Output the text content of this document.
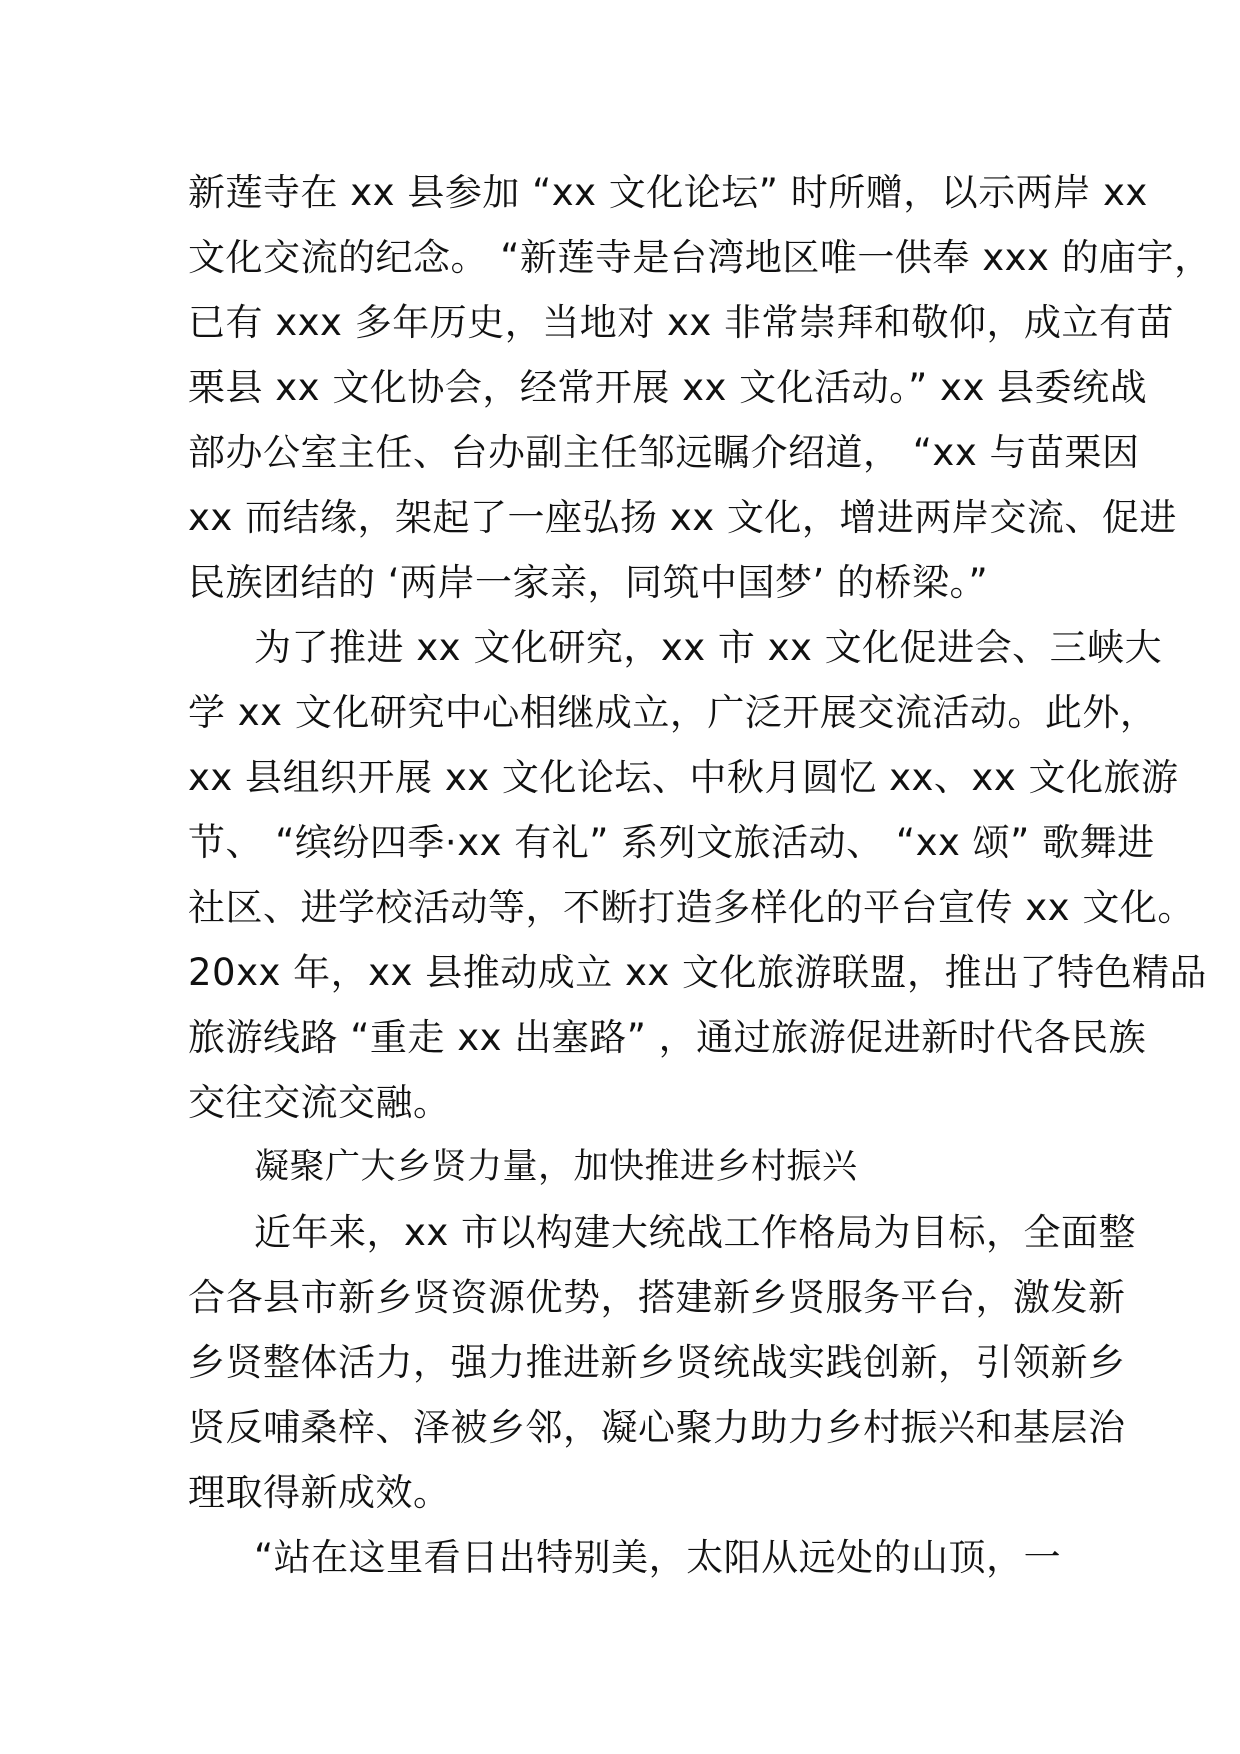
新莲寺在 xx 县参加 “xx 文化论坛” 时所赠，以示两岸 xx
文化交流的纪念。 “新莲寺是台湾地区唯一供奉 xxx 的庙宇，
已有 xxx 多年历史，当地对 xx 非常崇拜和敬仰，成立有苗
栗县 xx 文化协会，经常开展 xx 文化活动。” xx 县委统战
部办公室主任、台办副主任邹远瞩介绍道， “xx 与苗栗因
xx 而结缘，架起了一座弘扬 xx 文化，增进两岸交流、促进
民族团结的 ‘两岸一家亲，同筑中国梦’ 的桥梁。”
为了推进 xx 文化研究，xx 市 xx 文化促进会、三峡大
学 xx 文化研究中心相继成立，广泛开展交流活动。此外，
xx 县组织开展 xx 文化论坛、中秋月圆忆 xx、xx 文化旅游
节、 “缤纷四季·xx 有礼” 系列文旅活动、 “xx 颂” 歌舞进
社区、进学校活动等，不断打造多样化的平台宣传 xx 文化。
20xx 年，xx 县推动成立 xx 文化旅游联盟，推出了特色精品
旅游线路 “重走 xx 出塞路” ，通过旅游促进新时代各民族
交往交流交融。
凝聚广大乡贤力量，加快推进乡村振兴
近年来，xx 市以构建大统战工作格局为目标，全面整
合各县市新乡贤资源优势，搭建新乡贤服务平台，激发新
乡贤整体活力，强力推进新乡贤统战实践创新，引领新乡
贤反哺桑梓、泽被乡邻，凝心聚力助力乡村振兴和基层治
理取得新成效。
“站在这里看日出特别美，太阳从远处的山顶，一
